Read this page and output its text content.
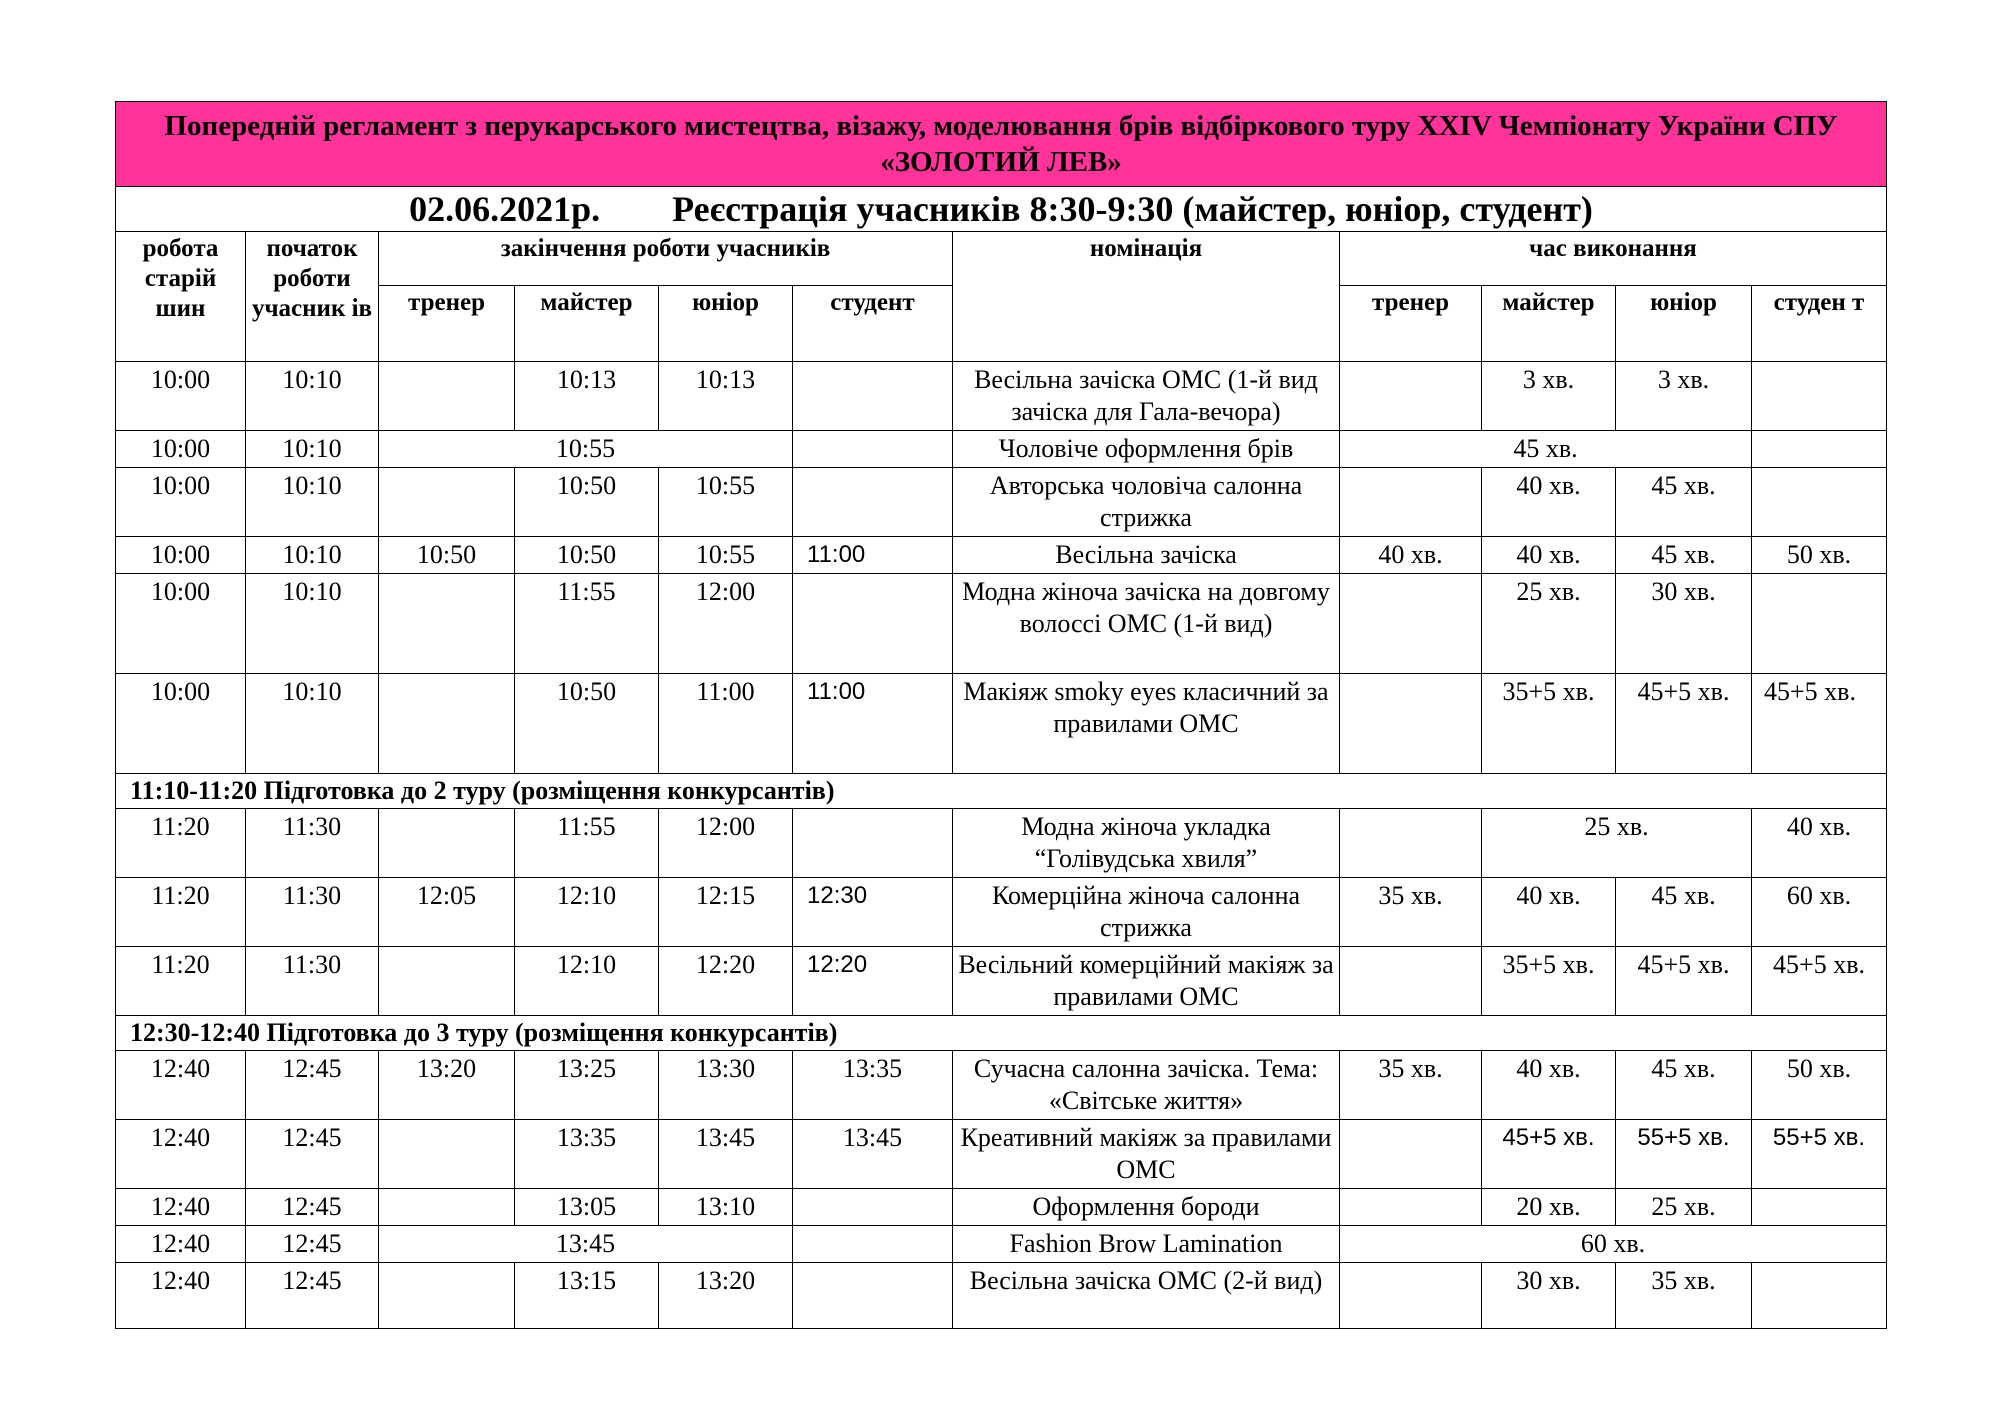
Попередній регламент з перукарського мистецтва, візажу, моделювання брів відбіркового туру XXIV Чемпіонату України СПУ «ЗОЛОТИЙ ЛЕВ»										
02.06.2021р. Реєстрація учасників 8:30-9:30 (майстер, юніор, студент)										
робота старій шин	початок роботи учасник ів	закінчення роботи учасників				номінація	час виконання			
		тренер	майстер	юніор	студент		тренер	майстер	юніор	студен т
10:00	10:10		10:13	10:13		Весільна зачіска ОМС (1-й вид зачіска для Гала-вечора)		3 хв.	3 хв.	
10:00	10:10	10:55				Чоловіче оформлення брів	45 хв.			
10:00	10:10		10:50	10:55		Авторська чоловіча салонна стрижка		40 хв.	45 хв.	
10:00	10:10	10:50	10:50	10:55	11:00	Весільна зачіска	40 хв.	40 хв.	45 хв.	50 хв.
10:00	10:10		11:55	12:00		Модна жіноча зачіска на довгому волоссі ОМС (1-й вид)		25 хв.	30 хв.	
10:00	10:10		10:50	11:00	11:00	Макіяж smoky eyes класичний за правилами ОМС		35+5 хв.	45+5 хв.	45+5 хв.
11:10-11:20 Підготовка до 2 туру (розміщення конкурсантів)										
11:20	11:30		11:55	12:00		Модна жіноча укладка “Голівудська хвиля”		25 хв.		40 хв.
11:20	11:30	12:05	12:10	12:15	12:30	Комерційна жіноча салонна стрижка	35 хв.	40 хв.	45 хв.	60 хв.
11:20	11:30		12:10	12:20	12:20	Весільний комерційний макіяж за правилами ОМС		35+5 хв.	45+5 хв.	45+5 хв.
12:30-12:40 Підготовка до 3 туру (розміщення конкурсантів)										
12:40	12:45	13:20	13:25	13:30	13:35	Сучасна салонна зачіска. Тема: «Світське життя»	35 хв.	40 хв.	45 хв.	50 хв.
12:40	12:45		13:35	13:45	13:45	Креативний макіяж за правилами ОМС		45+5 хв.	55+5 хв.	55+5 хв.
12:40	12:45		13:05	13:10		Оформлення бороди		20 хв.	25 хв.	
12:40	12:45	13:45				Fashion Brow Lamination	60 хв.			
12:40	12:45		13:15	13:20		Весільна зачіска ОМС (2-й вид)		30 хв.	35 хв.	
